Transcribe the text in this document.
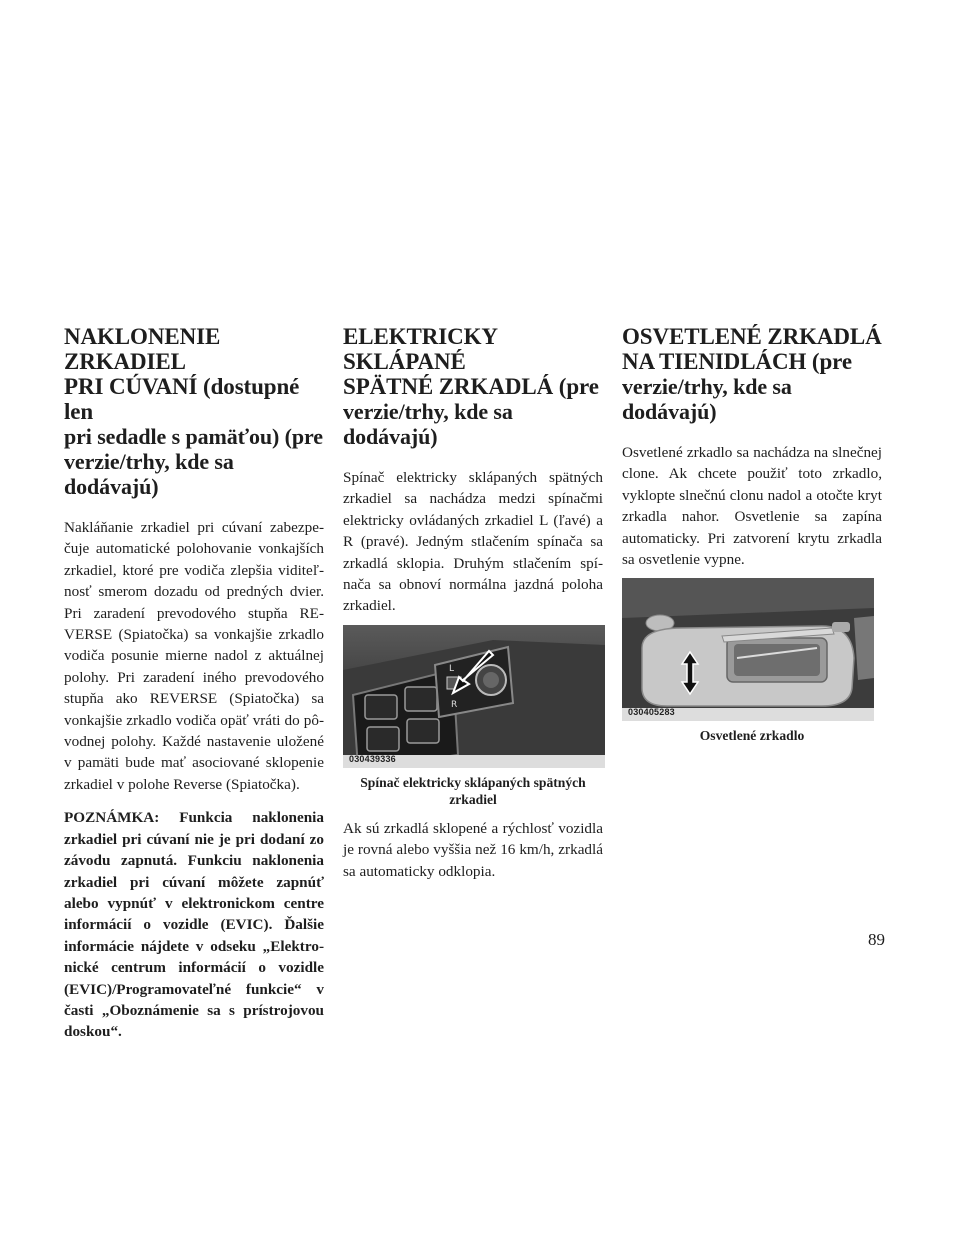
NAKLONENIE ZRKADIEL
PRI CÚVANÍ (dostupné len
pri sedadle s pamäťou) (pre
verzie/trhy, kde sa dodávajú)

Nakláňanie zrkadiel pri cúvaní zabezpečuje automatické polohovanie vonkajších zrkadiel, ktoré pre vodiča zlepšia viditeľnosť smerom dozadu od predných dvier. Pri zaradení prevodového stupňa REVERSE (Spiatočka) sa vonkajšie zrkadlo vodiča posunie mierne nadol z aktuálnej polohy. Pri zaradení iného prevodového stupňa ako REVERSE (Spiatočka) sa vonkajšie zrkadlo vodiča opäť vráti do pôvodnej polohy. Každé nastavenie uložené v pamäti bude mať asociované sklopenie zrkadiel v polohe Reverse (Spiatočka).

POZNÁMKA: Funkcia naklonenia zrkadiel pri cúvaní nie je pri dodaní zo závodu zapnutá. Funkciu naklonenia zrkadiel pri cúvaní môžete zapnúť alebo vypnúť v elektronickom centre informácií o vozidle (EVIC). Ďalšie informácie nájdete v odseku „Elektronické centrum informácií o vozidle (EVIC)/Programovateľné funkcie“ v časti „Oboznámenie sa s prístrojovou doskou“.

ELEKTRICKY SKLÁPANÉ
SPÄTNÉ ZRKADLÁ (pre
verzie/trhy, kde sa dodávajú)

Spínač elektricky sklápaných spätných zrkadiel sa nachádza medzi spínačmi elektricky ovládaných zrkadiel L (ľavé) a R (pravé). Jedným stlačením spínača sa zrkadlá sklopia. Druhým stlačením spínača sa obnoví normálna jazdná poloha zrkadiel.

L
R
030439336
Spínač elektricky sklápaných spätných zrkadiel

Ak sú zrkadlá sklopené a rýchlosť vozidla je rovná alebo vyššia než 16 km/h, zrkadlá sa automaticky odklopia.

OSVETLENÉ ZRKADLÁ
NA TIENIDLÁCH (pre
verzie/trhy, kde sa dodávajú)

Osvetlené zrkadlo sa nachádza na slnečnej clone. Ak chcete použiť toto zrkadlo, vyklopte slnečnú clonu nadol a otočte kryt zrkadla nahor. Osvetlenie sa zapína automaticky. Pri zatvorení krytu zrkadla sa osvetlenie vypne.

030405283
Osvetlené zrkadlo
89
